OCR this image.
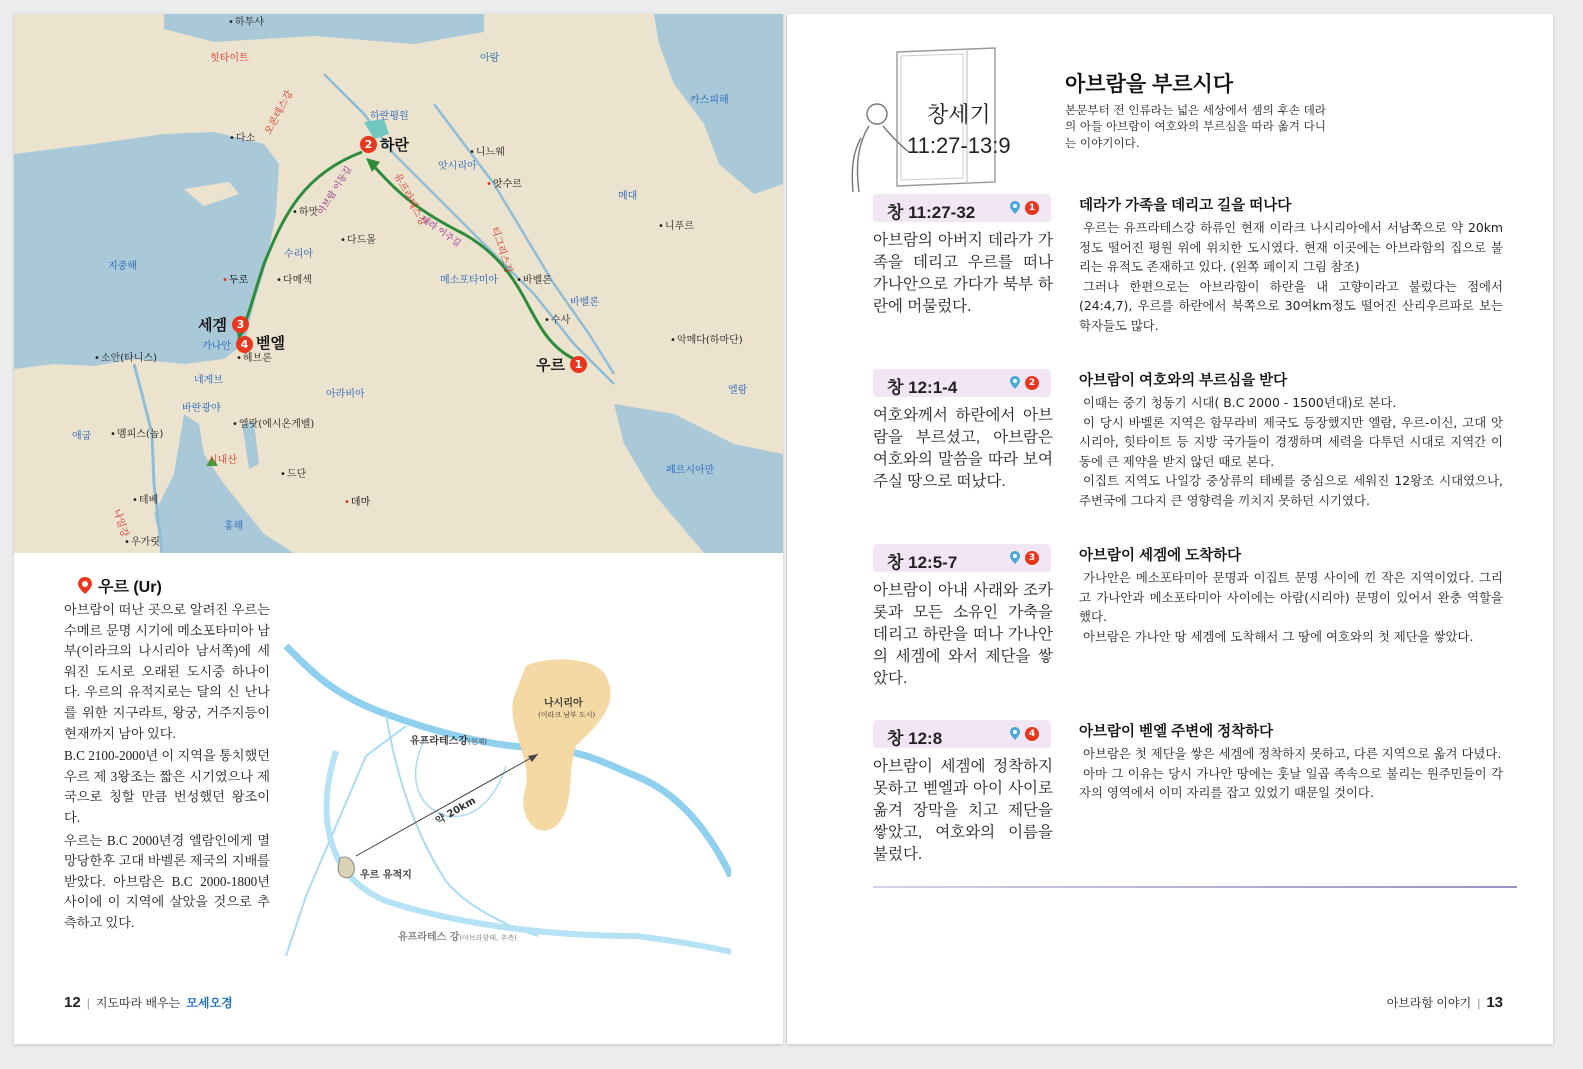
• 하투샤
힛타이트	아람
카스피해
하란평원
• 다소
• 니느웨
앗시리아
• 앗수르
메대
• 니푸르
• 하맛
• 다드몰
지중해
수리아
• 다메섹
• 두로	메소포타미아	• 바벨론
바벨론
• 수사
• 악메다(하마단)
• 소안(타니스)
가나안
• 헤브론
네게브
아라비아	엘람
바란광야
• 엘랏(에시온게벨)
애굽	• 멤피스(놉)
시내산
• 드단	페르시아만
• 테베	• 데마
홍해
• 우가릿
티그리스강
유프라테스강
오론테스강
나일강
데라 이주길
아브람 이동길
2 하란
세겜 3
4 벧엘
우르 1
우르 (Ur)

아브람이 떠난 곳으로 알려진 우르는 수메르 문명 시기에 메소포타미아 남부(이라크의 나시리아 남서쪽)에 세워진 도시로 오래된 도시중 하나이다. 우르의 유적지로는 달의 신 난나를 위한 지구라트, 왕궁, 거주지등이 현재까지 남아 있다.

B.C 2100-2000년 이 지역을 통치했던 우르 제 3왕조는 짧은 시기였으나 제국으로 칭할 만큼 번성했던 왕조이다.

우르는 B.C 2000년경 엘람인에게 멸망당한후 고대 바벨론 제국의 지배를 받았다. 아브람은 B.C 2000-1800년 사이에 이 지역에 살았을 것으로 추측하고 있다.

나시리아
(이라크 남부 도시)
유프라테스강(현재)
약 20km
우르 유적지
유프라테스 강(아브라함때, 추측)
12 | 지도따라 배우는 모세오경
창세기
11:27-13:9
아브람을 부르시다
본문부터 전 인류라는 넓은 세상에서 셈의 후손 데라의 아들 아브람이 여호와의 부르심을 따라 옮겨 다니는 이야기이다.
창 11:27-32	1
아브람의 아버지 데라가 가족을 데리고 우르를 떠나 가나안으로 가다가 북부 하란에 머물렀다.
데라가 가족을 데리고 길을 떠나다

우르는 유프라테스강 하류인 현재 이라크 나시리아에서 서남쪽으로 약 20km 정도 떨어진 평원 위에 위치한 도시였다. 현재 이곳에는 아브라함의 집으로 불리는 유적도 존재하고 있다. (왼쪽 페이지 그림 참조)

그러나 한편으로는 아브라함이 하란을 내 고향이라고 불렀다는 점에서(24:4,7), 우르를 하란에서 북쪽으로 30여km정도 떨어진 산리우르파로 보는 학자들도 많다.

창 12:1-4	2
여호와께서 하란에서 아브람을 부르셨고, 아브람은 여호와의 말씀을 따라 보여주실 땅으로 떠났다.
아브람이 여호와의 부르심을 받다

이때는 중기 청동기 시대( B.C 2000 - 1500년대)로 본다.

이 당시 바벨론 지역은 함무라비 제국도 등장했지만 엘람, 우르-이신, 고대 앗시리아, 힛타이트 등 지방 국가들이 경쟁하며 세력을 다투던 시대로 지역간 이동에 큰 제약을 받지 않던 때로 본다.

이집트 지역도 나일강 중상류의 테베를 중심으로 세워진 12왕조 시대였으나, 주변국에 그다지 큰 영향력을 끼치지 못하던 시기였다.

창 12:5-7	3
아브람이 아내 사래와 조카 롯과 모든 소유인 가축을 데리고 하란을 떠나 가나안의 세겜에 와서 제단을 쌓았다.
아브람이 세겜에 도착하다

가나안은 메소포타미아 문명과 이집트 문명 사이에 낀 작은 지역이었다. 그리고 가나안과 메소포타미아 사이에는 아람(시리아) 문명이 있어서 완충 역할을 했다.

아브람은 가나안 땅 세겜에 도착해서 그 땅에 여호와의 첫 제단을 쌓았다.

창 12:8	4
아브람이 세겜에 정착하지 못하고 벧엘과 아이 사이로 옮겨 장막을 치고 제단을 쌓았고, 여호와의 이름을 불렀다.
아브람이 벧엘 주변에 정착하다

아브람은 첫 제단을 쌓은 세겜에 정착하지 못하고, 다른 지역으로 옮겨 다녔다.

아마 그 이유는 당시 가나안 땅에는 훗날 일곱 족속으로 불리는 원주민들이 각자의 영역에서 이미 자리를 잡고 있었기 때문일 것이다.

아브라함 이야기 | 13
